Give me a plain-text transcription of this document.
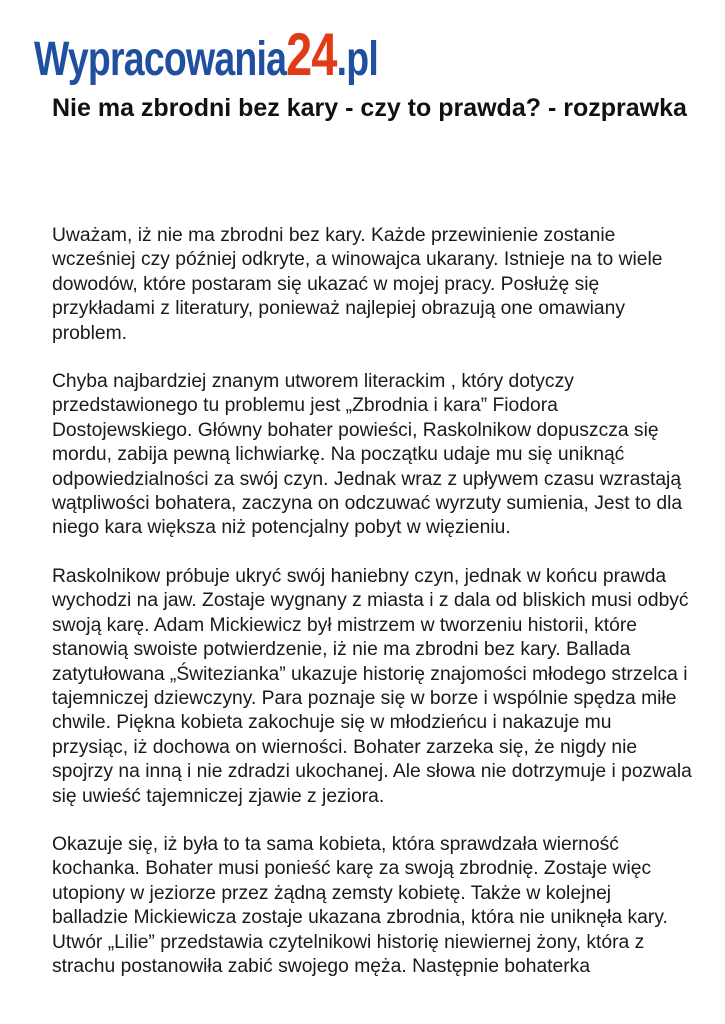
Wypracowania 24 .pl
Nie ma zbrodni bez kary - czy to prawda? - rozprawka

Uważam, iż nie ma zbrodni bez kary. Każde przewinienie zostanie wcześniej czy później odkryte, a winowajca ukarany. Istnieje na to wiele dowodów, które postaram się ukazać w mojej pracy. Posłużę się przykładami z literatury, ponieważ najlepiej obrazują one omawiany problem.

Chyba najbardziej znanym utworem literackim , który dotyczy przedstawionego tu problemu jest „Zbrodnia i kara” Fiodora Dostojewskiego. Główny bohater powieści, Raskolnikow dopuszcza się mordu, zabija pewną lichwiarkę. Na początku udaje mu się uniknąć odpowiedzialności za swój czyn. Jednak wraz z upływem czasu wzrastają wątpliwości bohatera, zaczyna on odczuwać wyrzuty sumienia, Jest to dla niego kara większa niż potencjalny pobyt w więzieniu.

Raskolnikow próbuje ukryć swój haniebny czyn, jednak w końcu prawda wychodzi na jaw. Zostaje wygnany z miasta i z dala od bliskich musi odbyć swoją karę. Adam Mickiewicz był mistrzem w tworzeniu historii, które stanowią swoiste potwierdzenie, iż nie ma zbrodni bez kary. Ballada zatytułowana „Świtezianka” ukazuje historię znajomości młodego strzelca i tajemniczej dziewczyny. Para poznaje się w borze i wspólnie spędza miłe chwile. Piękna kobieta zakochuje się w młodzieńcu i nakazuje mu przysiąc, iż dochowa on wierności. Bohater zarzeka się, że nigdy nie spojrzy na inną i nie zdradzi ukochanej. Ale słowa nie dotrzymuje i pozwala się uwieść tajemniczej zjawie z jeziora.

Okazuje się, iż była to ta sama kobieta, która sprawdzała wierność kochanka. Bohater musi ponieść karę za swoją zbrodnię. Zostaje więc utopiony w jeziorze przez żądną zemsty kobietę. Także w kolejnej balladzie Mickiewicza zostaje ukazana zbrodnia, która nie uniknęła kary. Utwór „Lilie” przedstawia czytelnikowi historię niewiernej żony, która z strachu postanowiła zabić swojego męża. Następnie bohaterka
